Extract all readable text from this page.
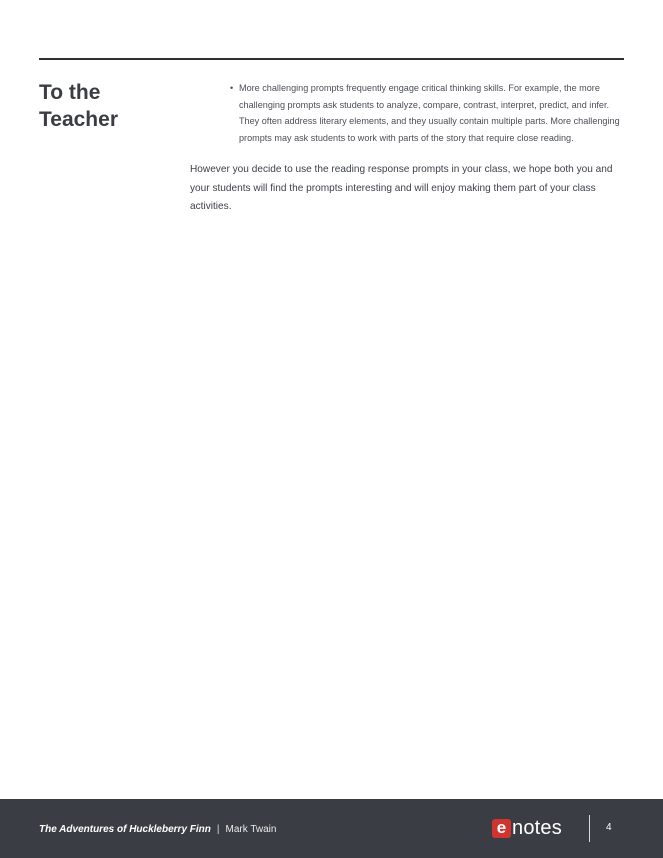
To the Teacher
• More challenging prompts frequently engage critical thinking skills. For example, the more challenging prompts ask students to analyze, compare, contrast, interpret, predict, and infer. They often address literary elements, and they usually contain multiple parts. More challenging prompts may ask students to work with parts of the story that require close reading.

However you decide to use the reading response prompts in your class, we hope both you and your students will find the prompts interesting and will enjoy making them part of your class activities.

The Adventures of Huckleberry Finn | Mark Twain	e notes	4
